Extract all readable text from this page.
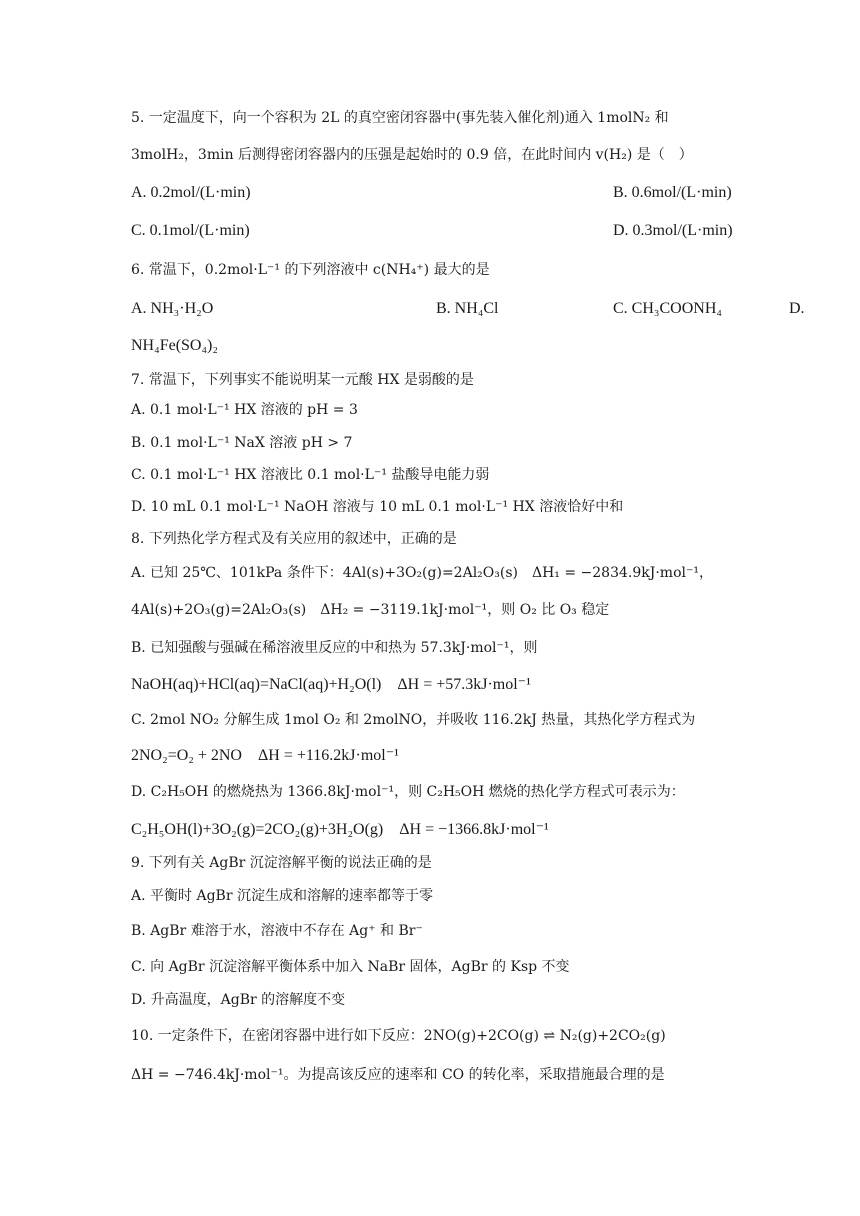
5. 一定温度下，向一个容积为 2L 的真空密闭容器中(事先装入催化剂)通入 1molN₂ 和
3molH₂，3min 后测得密闭容器内的压强是起始时的 0.9 倍，在此时间内 v(H₂) 是（　）
A. 0.2mol/(L·min)	B. 0.6mol/(L·min)
C. 0.1mol/(L·min)	D. 0.3mol/(L·min)
6. 常温下，0.2mol·L⁻¹ 的下列溶液中 c(NH₄⁺) 最大的是
A. NH₃·H₂O	B. NH₄Cl	C. CH₃COONH₄	D.
NH₄Fe(SO₄)₂
7. 常温下，下列事实不能说明某一元酸 HX 是弱酸的是
A. 0.1 mol·L⁻¹ HX 溶液的 pH = 3
B. 0.1 mol·L⁻¹ NaX 溶液 pH > 7
C. 0.1 mol·L⁻¹ HX 溶液比 0.1 mol·L⁻¹ 盐酸导电能力弱
D. 10 mL 0.1 mol·L⁻¹ NaOH 溶液与 10 mL 0.1 mol·L⁻¹ HX 溶液恰好中和
8. 下列热化学方程式及有关应用的叙述中，正确的是
A. 已知 25℃、101kPa 条件下：4Al(s)+3O₂(g)=2Al₂O₃(s)　ΔH₁ = −2834.9kJ·mol⁻¹，
4Al(s)+2O₃(g)=2Al₂O₃(s)　ΔH₂ = −3119.1kJ·mol⁻¹，则 O₂ 比 O₃ 稳定
B. 已知强酸与强碱在稀溶液里反应的中和热为 57.3kJ·mol⁻¹，则
NaOH(aq)+HCl(aq)=NaCl(aq)+H₂O(l)　ΔH = +57.3kJ·mol⁻¹
C. 2mol NO₂ 分解生成 1mol O₂ 和 2molNO，并吸收 116.2kJ 热量，其热化学方程式为
2NO₂=O₂ + 2NO　ΔH = +116.2kJ·mol⁻¹
D. C₂H₅OH 的燃烧热为 1366.8kJ·mol⁻¹，则 C₂H₅OH 燃烧的热化学方程式可表示为：
C₂H₅OH(l)+3O₂(g)=2CO₂(g)+3H₂O(g)　ΔH = −1366.8kJ·mol⁻¹
9. 下列有关 AgBr 沉淀溶解平衡的说法正确的是
A. 平衡时 AgBr 沉淀生成和溶解的速率都等于零
B. AgBr 难溶于水，溶液中不存在 Ag⁺ 和 Br⁻
C. 向 AgBr 沉淀溶解平衡体系中加入 NaBr 固体，AgBr 的 Ksp 不变
D. 升高温度，AgBr 的溶解度不变
10. 一定条件下，在密闭容器中进行如下反应：2NO(g)+2CO(g) ⇌ N₂(g)+2CO₂(g)
ΔH = −746.4kJ·mol⁻¹。为提高该反应的速率和 CO 的转化率，采取措施最合理的是
